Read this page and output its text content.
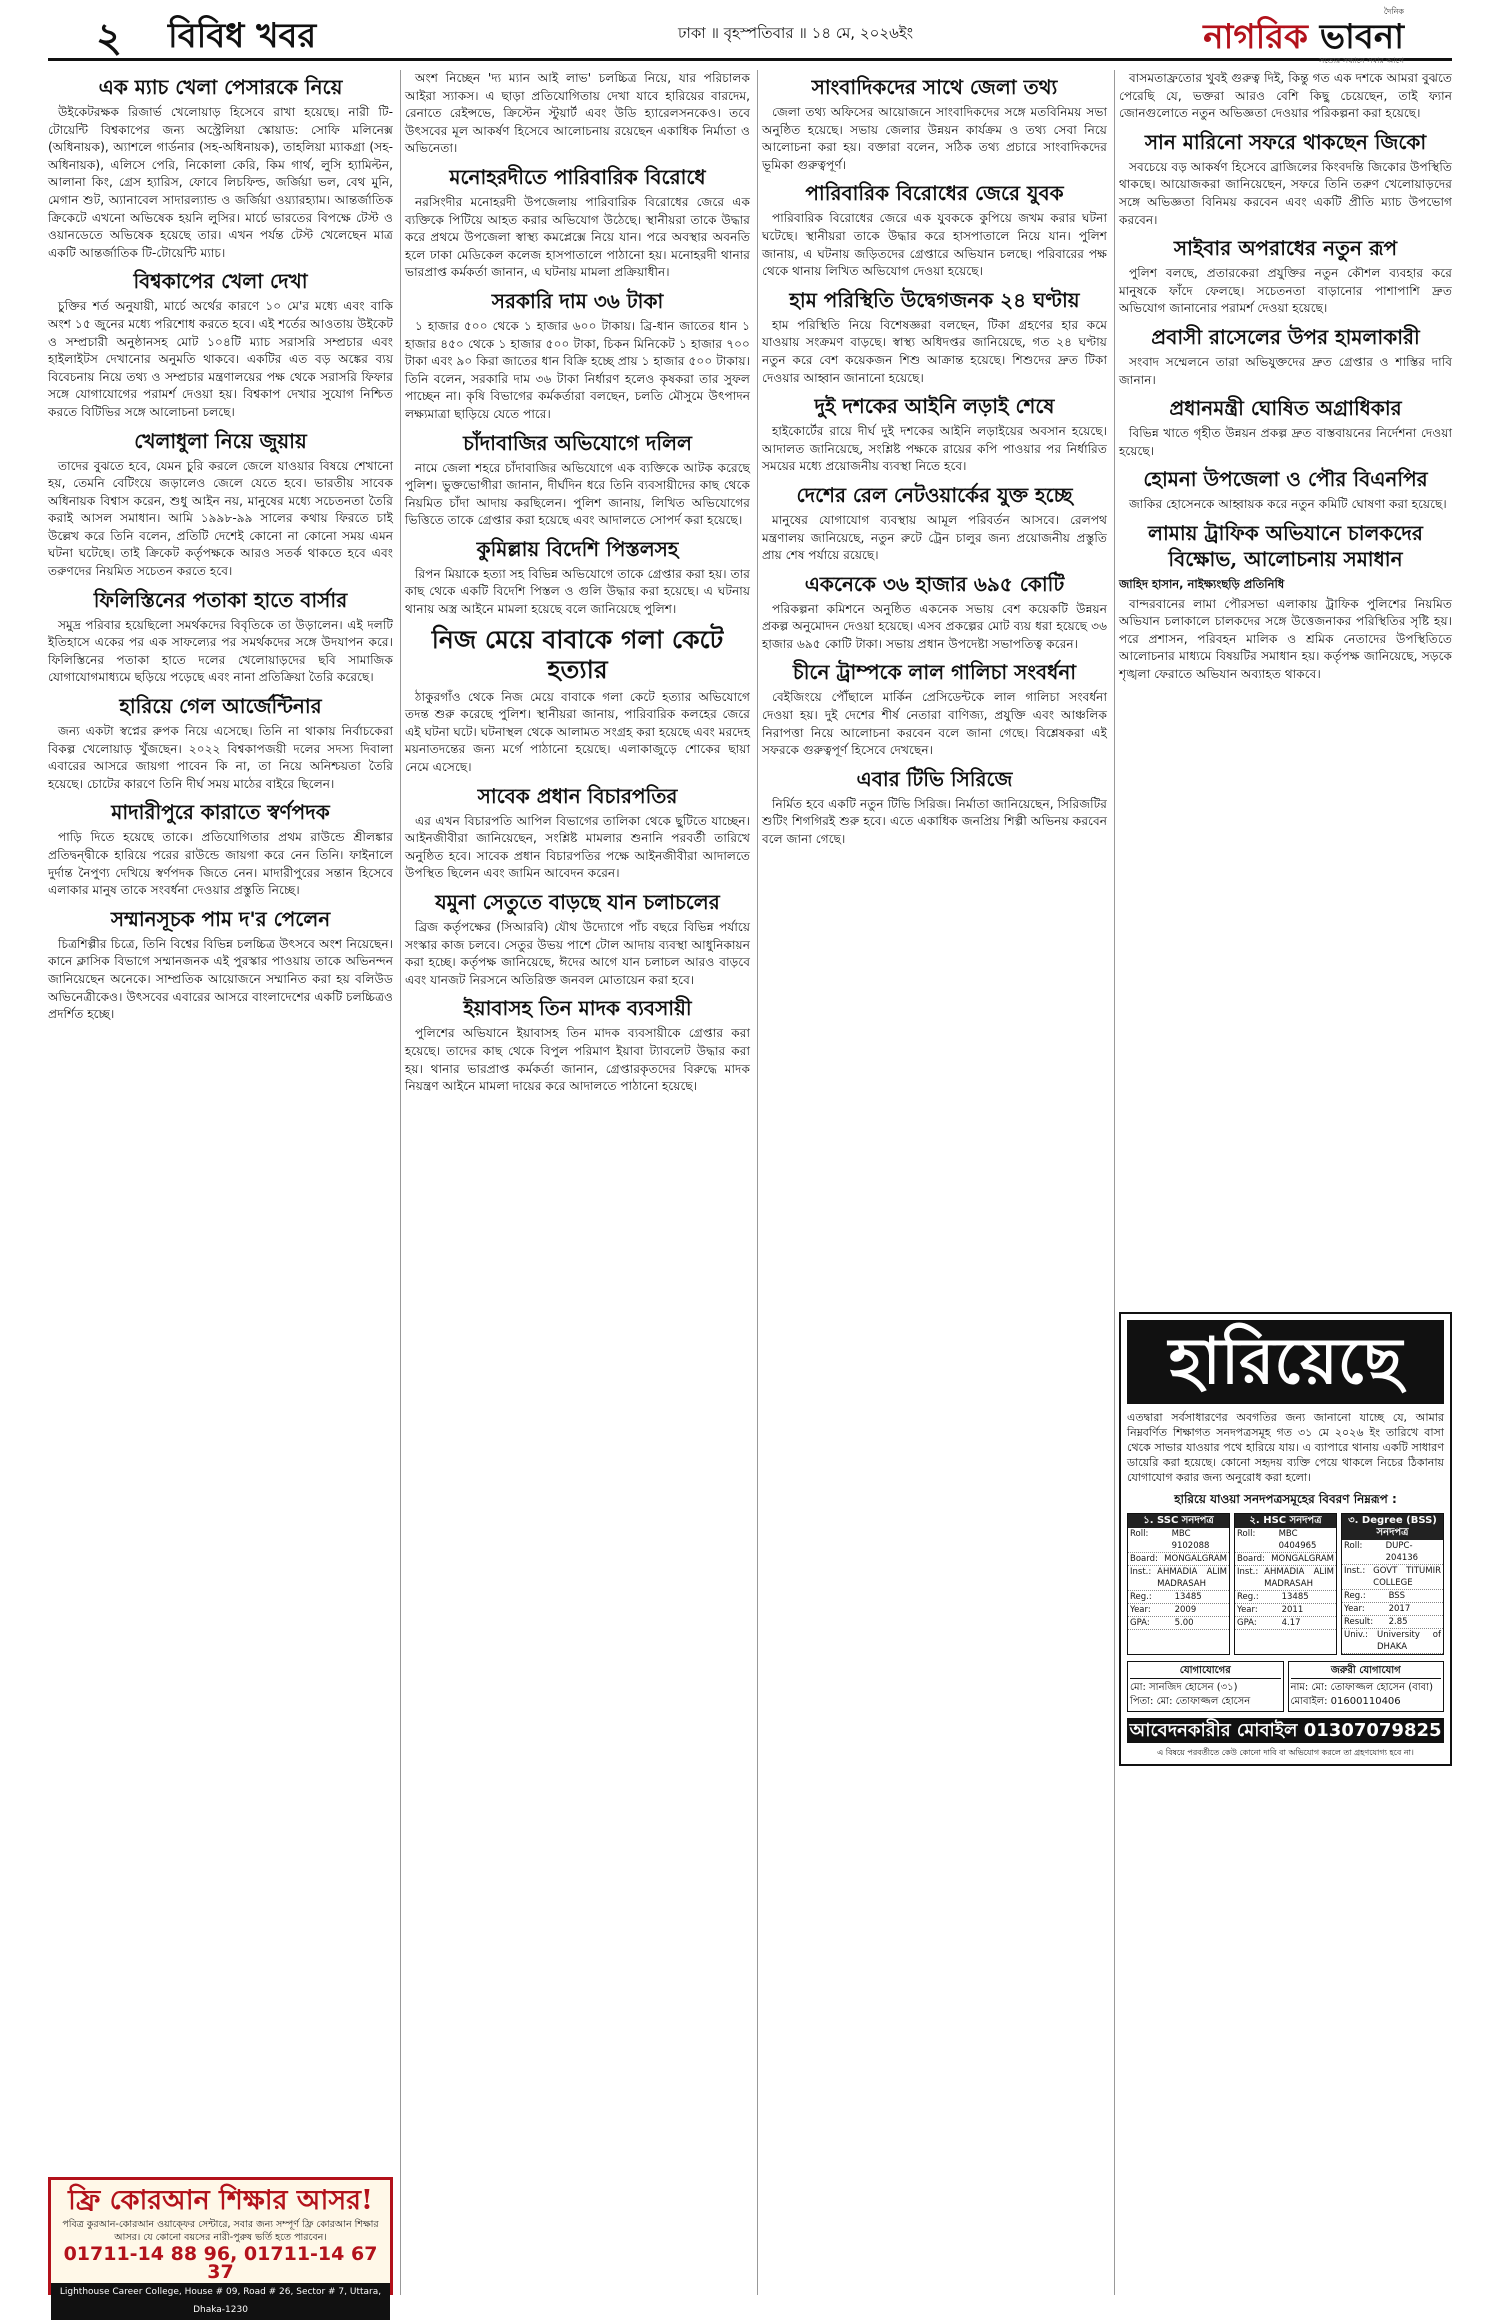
২ বিবিধ খবর	ঢাকা ॥ বৃহস্পতিবার ॥ ১৪ মে, ২০২৬ইং
দৈনিক
নাগরিক ভাবনা
সত্যের সন্ধানে সবার আগে
এক ম্যাচ খেলা পেসারকে নিয়ে

উইকেটরক্ষক রিজার্ভ খেলোয়াড় হিসেবে রাখা হয়েছে। নারী টি-টোয়েন্টি বিশ্বকাপের জন্য অস্ট্রেলিয়া স্কোয়াড: সোফি মলিনেক্স (অধিনায়ক), অ্যাশলে গার্ডনার (সহ-অধিনায়ক), তাহলিয়া ম্যাকগ্রা (সহ-অধিনায়ক), এলিসে পেরি, নিকোলা কেরি, কিম গার্থ, লুসি হ্যামিল্টন, আলানা কিং, গ্রেস হ্যারিস, ফোবে লিচফিল্ড, জর্জিয়া ভল, বেথ মুনি, মেগান শুট, অ্যানাবেল সাদারল্যান্ড ও জর্জিয়া ওয়্যারহ্যাম। আন্তর্জাতিক ক্রিকেটে এখনো অভিষেক হয়নি লুসির। মার্চে ভারতের বিপক্ষে টেস্ট ও ওয়ানডেতে অভিষেক হয়েছে তার। এখন পর্যন্ত টেস্ট খেলেছেন মাত্র একটি আন্তর্জাতিক টি-টোয়েন্টি ম্যাচ।

বিশ্বকাপের খেলা দেখা

চুক্তির শর্ত অনুযায়ী, মার্চে অর্থের কারণে ১০ মে'র মধ্যে এবং বাকি অংশ ১৫ জুনের মধ্যে পরিশোধ করতে হবে। এই শর্তের আওতায় উইকেট ও সম্প্রচারী অনুষ্ঠানসহ মোট ১০৪টি ম্যাচ সরাসরি সম্প্রচার এবং হাইলাইটস দেখানোর অনুমতি থাকবে। একটির এত বড় অঙ্কের ব্যয় বিবেচনায় নিয়ে তথ্য ও সম্প্রচার মন্ত্রণালয়ের পক্ষ থেকে সরাসরি ফিফার সঙ্গে যোগাযোগের পরামর্শ দেওয়া হয়। বিশ্বকাপ দেখার সুযোগ নিশ্চিত করতে বিটিভির সঙ্গে আলোচনা চলছে।

খেলাধুলা নিয়ে জুয়ায়

তাদের বুঝতে হবে, যেমন চুরি করলে জেলে যাওয়ার বিষয়ে শেখানো হয়, তেমনি বেটিংয়ে জড়ালেও জেলে যেতে হবে। ভারতীয় সাবেক অধিনায়ক বিশ্বাস করেন, শুধু আইন নয়, মানুষের মধ্যে সচেতনতা তৈরি করাই আসল সমাধান। আমি ১৯৯৮-৯৯ সালের কথায় ফিরতে চাই উল্লেখ করে তিনি বলেন, প্রতিটি দেশেই কোনো না কোনো সময় এমন ঘটনা ঘটেছে। তাই ক্রিকেট কর্তৃপক্ষকে আরও সতর্ক থাকতে হবে এবং তরুণদের নিয়মিত সচেতন করতে হবে।

ফিলিস্তিনের পতাকা হাতে বার্সার

সমুদ্র পরিবার হয়েছিলো সমর্থকদের বিবৃতিকে তা উড়ালেন। এই দলটি ইতিহাসে একের পর এক সাফল্যের পর সমর্থকদের সঙ্গে উদযাপন করে। ফিলিস্তিনের পতাকা হাতে দলের খেলোয়াড়দের ছবি সামাজিক যোগাযোগমাধ্যমে ছড়িয়ে পড়েছে এবং নানা প্রতিক্রিয়া তৈরি করেছে।

হারিয়ে গেল আর্জেন্টিনার

জন্য একটা স্বপ্নের রুপক নিয়ে এসেছে। তিনি না থাকায় নির্বাচকেরা বিকল্প খেলোয়াড় খুঁজছেন। ২০২২ বিশ্বকাপজয়ী দলের সদস্য দিবালা এবারের আসরে জায়গা পাবেন কি না, তা নিয়ে অনিশ্চয়তা তৈরি হয়েছে। চোটের কারণে তিনি দীর্ঘ সময় মাঠের বাইরে ছিলেন।

মাদারীপুরে কারাতে স্বর্ণপদক

পাড়ি দিতে হয়েছে তাকে। প্রতিযোগিতার প্রথম রাউন্ডে শ্রীলঙ্কার প্রতিদ্বন্দ্বীকে হারিয়ে পরের রাউন্ডে জায়গা করে নেন তিনি। ফাইনালে দুর্দান্ত নৈপুণ্য দেখিয়ে স্বর্ণপদক জিতে নেন। মাদারীপুরের সন্তান হিসেবে এলাকার মানুষ তাকে সংবর্ধনা দেওয়ার প্রস্তুতি নিচ্ছে।

সম্মানসূচক পাম দ'র পেলেন

চিত্রশিল্পীর চিত্রে, তিনি বিশ্বের বিভিন্ন চলচ্চিত্র উৎসবে অংশ নিয়েছেন। কানে ক্লাসিক বিভাগে সম্মানজনক এই পুরস্কার পাওয়ায় তাকে অভিনন্দন জানিয়েছেন অনেকে। সাম্প্রতিক আয়োজনে সম্মানিত করা হয় বলিউড অভিনেত্রীকেও। উৎসবের এবারের আসরে বাংলাদেশের একটি চলচ্চিত্রও প্রদর্শিত হচ্ছে।

ফ্রি কোরআন শিক্ষার আসর!
পবিত্র কুরআন-কোরআন ওয়াক্ফের সেন্টারে, সবার জন্য সম্পূর্ণ ফ্রি কোরআন শিক্ষার আসর। যে কোনো বয়সের নারী-পুরুষ ভর্তি হতে পারবেন।
01711-14 88 96, 01711-14 67 37
Lighthouse Career College, House # 09, Road # 26, Sector # 7, Uttara, Dhaka-1230

অংশ নিচ্ছেন 'দ্য ম্যান আই লাভ' চলচ্চিত্র নিয়ে, যার পরিচালক আইরা স্যাকস। এ ছাড়া প্রতিযোগিতায় দেখা যাবে হারিয়ের বারদেম, রেনাতে রেইন্সভে, ক্রিস্টেন স্টুয়ার্ট এবং উডি হ্যারেলসনকেও। তবে উৎসবের মূল আকর্ষণ হিসেবে আলোচনায় রয়েছেন একাধিক নির্মাতা ও অভিনেতা।

মনোহরদীতে পারিবারিক বিরোধে

নরসিংদীর মনোহরদী উপজেলায় পারিবারিক বিরোধের জেরে এক ব্যক্তিকে পিটিয়ে আহত করার অভিযোগ উঠেছে। স্থানীয়রা তাকে উদ্ধার করে প্রথমে উপজেলা স্বাস্থ্য কমপ্লেক্সে নিয়ে যান। পরে অবস্থার অবনতি হলে ঢাকা মেডিকেল কলেজ হাসপাতালে পাঠানো হয়। মনোহরদী থানার ভারপ্রাপ্ত কর্মকর্তা জানান, এ ঘটনায় মামলা প্রক্রিয়াধীন।

সরকারি দাম ৩৬ টাকা

১ হাজার ৫০০ থেকে ১ হাজার ৬০০ টাকায়। ব্রি-ধান জাতের ধান ১ হাজার ৪৫০ থেকে ১ হাজার ৫০০ টাকা, চিকন মিনিকেট ১ হাজার ৭০০ টাকা এবং ৯০ কিরা জাতের ধান বিক্রি হচ্ছে প্রায় ১ হাজার ৫০০ টাকায়। তিনি বলেন, সরকারি দাম ৩৬ টাকা নির্ধারণ হলেও কৃষকরা তার সুফল পাচ্ছেন না। কৃষি বিভাগের কর্মকর্তারা বলছেন, চলতি মৌসুমে উৎপাদন লক্ষ্যমাত্রা ছাড়িয়ে যেতে পারে।

চাঁদাবাজির অভিযোগে দলিল

নামে জেলা শহরে চাঁদাবাজির অভিযোগে এক ব্যক্তিকে আটক করেছে পুলিশ। ভুক্তভোগীরা জানান, দীর্ঘদিন ধরে তিনি ব্যবসায়ীদের কাছ থেকে নিয়মিত চাঁদা আদায় করছিলেন। পুলিশ জানায়, লিখিত অভিযোগের ভিত্তিতে তাকে গ্রেপ্তার করা হয়েছে এবং আদালতে সোপর্দ করা হয়েছে।

কুমিল্লায় বিদেশি পিস্তলসহ

রিপন মিয়াকে হত্যা সহ বিভিন্ন অভিযোগে তাকে গ্রেপ্তার করা হয়। তার কাছ থেকে একটি বিদেশি পিস্তল ও গুলি উদ্ধার করা হয়েছে। এ ঘটনায় থানায় অস্ত্র আইনে মামলা হয়েছে বলে জানিয়েছে পুলিশ।

নিজ মেয়ে বাবাকে গলা কেটে হত্যার

ঠাকুরগাঁও থেকে নিজ মেয়ে বাবাকে গলা কেটে হত্যার অভিযোগে তদন্ত শুরু করেছে পুলিশ। স্থানীয়রা জানায়, পারিবারিক কলহের জেরে এই ঘটনা ঘটে। ঘটনাস্থল থেকে আলামত সংগ্রহ করা হয়েছে এবং মরদেহ ময়নাতদন্তের জন্য মর্গে পাঠানো হয়েছে। এলাকাজুড়ে শোকের ছায়া নেমে এসেছে।

সাবেক প্রধান বিচারপতির

এর এখন বিচারপতি আপিল বিভাগের তালিকা থেকে ছুটিতে যাচ্ছেন। আইনজীবীরা জানিয়েছেন, সংশ্লিষ্ট মামলার শুনানি পরবর্তী তারিখে অনুষ্ঠিত হবে। সাবেক প্রধান বিচারপতির পক্ষে আইনজীবীরা আদালতে উপস্থিত ছিলেন এবং জামিন আবেদন করেন।

যমুনা সেতুতে বাড়ছে যান চলাচলের

ব্রিজ কর্তৃপক্ষের (সিআরবি) যৌথ উদ্যোগে পাঁচ বছরে বিভিন্ন পর্যায়ে সংস্কার কাজ চলবে। সেতুর উভয় পাশে টোল আদায় ব্যবস্থা আধুনিকায়ন করা হচ্ছে। কর্তৃপক্ষ জানিয়েছে, ঈদের আগে যান চলাচল আরও বাড়বে এবং যানজট নিরসনে অতিরিক্ত জনবল মোতায়েন করা হবে।

ইয়াবাসহ তিন মাদক ব্যবসায়ী

পুলিশের অভিযানে ইয়াবাসহ তিন মাদক ব্যবসায়ীকে গ্রেপ্তার করা হয়েছে। তাদের কাছ থেকে বিপুল পরিমাণ ইয়াবা ট্যাবলেট উদ্ধার করা হয়। থানার ভারপ্রাপ্ত কর্মকর্তা জানান, গ্রেপ্তারকৃতদের বিরুদ্ধে মাদক নিয়ন্ত্রণ আইনে মামলা দায়ের করে আদালতে পাঠানো হয়েছে।

সাংবাদিকদের সাথে জেলা তথ্য

জেলা তথ্য অফিসের আয়োজনে সাংবাদিকদের সঙ্গে মতবিনিময় সভা অনুষ্ঠিত হয়েছে। সভায় জেলার উন্নয়ন কার্যক্রম ও তথ্য সেবা নিয়ে আলোচনা করা হয়। বক্তারা বলেন, সঠিক তথ্য প্রচারে সাংবাদিকদের ভূমিকা গুরুত্বপূর্ণ।

পারিবারিক বিরোধের জেরে যুবক

পারিবারিক বিরোধের জেরে এক যুবককে কুপিয়ে জখম করার ঘটনা ঘটেছে। স্থানীয়রা তাকে উদ্ধার করে হাসপাতালে নিয়ে যান। পুলিশ জানায়, এ ঘটনায় জড়িতদের গ্রেপ্তারে অভিযান চলছে। পরিবারের পক্ষ থেকে থানায় লিখিত অভিযোগ দেওয়া হয়েছে।

হাম পরিস্থিতি উদ্বেগজনক ২৪ ঘণ্টায়

হাম পরিস্থিতি নিয়ে বিশেষজ্ঞরা বলছেন, টিকা গ্রহণের হার কমে যাওয়ায় সংক্রমণ বাড়ছে। স্বাস্থ্য অধিদপ্তর জানিয়েছে, গত ২৪ ঘণ্টায় নতুন করে বেশ কয়েকজন শিশু আক্রান্ত হয়েছে। শিশুদের দ্রুত টিকা দেওয়ার আহ্বান জানানো হয়েছে।

দুই দশকের আইনি লড়াই শেষে

হাইকোর্টের রায়ে দীর্ঘ দুই দশকের আইনি লড়াইয়ের অবসান হয়েছে। আদালত জানিয়েছে, সংশ্লিষ্ট পক্ষকে রায়ের কপি পাওয়ার পর নির্ধারিত সময়ের মধ্যে প্রয়োজনীয় ব্যবস্থা নিতে হবে।

দেশের রেল নেটওয়ার্কের যুক্ত হচ্ছে

মানুষের যোগাযোগ ব্যবস্থায় আমূল পরিবর্তন আসবে। রেলপথ মন্ত্রণালয় জানিয়েছে, নতুন রুটে ট্রেন চালুর জন্য প্রয়োজনীয় প্রস্তুতি প্রায় শেষ পর্যায়ে রয়েছে।

একনেকে ৩৬ হাজার ৬৯৫ কোটি

পরিকল্পনা কমিশনে অনুষ্ঠিত একনেক সভায় বেশ কয়েকটি উন্নয়ন প্রকল্প অনুমোদন দেওয়া হয়েছে। এসব প্রকল্পের মোট ব্যয় ধরা হয়েছে ৩৬ হাজার ৬৯৫ কোটি টাকা। সভায় প্রধান উপদেষ্টা সভাপতিত্ব করেন।

চীনে ট্রাম্পকে লাল গালিচা সংবর্ধনা

বেইজিংয়ে পৌঁছালে মার্কিন প্রেসিডেন্টকে লাল গালিচা সংবর্ধনা দেওয়া হয়। দুই দেশের শীর্ষ নেতারা বাণিজ্য, প্রযুক্তি এবং আঞ্চলিক নিরাপত্তা নিয়ে আলোচনা করবেন বলে জানা গেছে। বিশ্লেষকরা এই সফরকে গুরুত্বপূর্ণ হিসেবে দেখছেন।

এবার টিভি সিরিজে

নির্মিত হবে একটি নতুন টিভি সিরিজ। নির্মাতা জানিয়েছেন, সিরিজটির শুটিং শিগগিরই শুরু হবে। এতে একাধিক জনপ্রিয় শিল্পী অভিনয় করবেন বলে জানা গেছে।

বাসমতাফ্রতোর খুবই গুরুত্ব দিই, কিন্তু গত এক দশকে আমরা বুঝতে পেরেছি যে, ভক্তরা আরও বেশি কিছু চেয়েছেন, তাই ফ্যান জোনগুলোতে নতুন অভিজ্ঞতা দেওয়ার পরিকল্পনা করা হয়েছে।

সান মারিনো সফরে থাকছেন জিকো

সবচেয়ে বড় আকর্ষণ হিসেবে ব্রাজিলের কিংবদন্তি জিকোর উপস্থিতি থাকছে। আয়োজকরা জানিয়েছেন, সফরে তিনি তরুণ খেলোয়াড়দের সঙ্গে অভিজ্ঞতা বিনিময় করবেন এবং একটি প্রীতি ম্যাচ উপভোগ করবেন।

সাইবার অপরাধের নতুন রূপ

পুলিশ বলছে, প্রতারকেরা প্রযুক্তির নতুন কৌশল ব্যবহার করে মানুষকে ফাঁদে ফেলছে। সচেতনতা বাড়ানোর পাশাপাশি দ্রুত অভিযোগ জানানোর পরামর্শ দেওয়া হয়েছে।

প্রবাসী রাসেলের উপর হামলাকারী

সংবাদ সম্মেলনে তারা অভিযুক্তদের দ্রুত গ্রেপ্তার ও শাস্তির দাবি জানান।

প্রধানমন্ত্রী ঘোষিত অগ্রাধিকার

বিভিন্ন খাতে গৃহীত উন্নয়ন প্রকল্প দ্রুত বাস্তবায়নের নির্দেশনা দেওয়া হয়েছে।

হোমনা উপজেলা ও পৌর বিএনপির

জাকির হোসেনকে আহ্বায়ক করে নতুন কমিটি ঘোষণা করা হয়েছে।

লামায় ট্রাফিক অভিযানে চালকদের বিক্ষোভ, আলোচনায় সমাধান
জাহিদ হাসান, নাইক্ষ্যংছড়ি প্রতিনিধি

বান্দরবানের লামা পৌরসভা এলাকায় ট্রাফিক পুলিশের নিয়মিত অভিযান চলাকালে চালকদের সঙ্গে উত্তেজনাকর পরিস্থিতির সৃষ্টি হয়। পরে প্রশাসন, পরিবহন মালিক ও শ্রমিক নেতাদের উপস্থিতিতে আলোচনার মাধ্যমে বিষয়টির সমাধান হয়। কর্তৃপক্ষ জানিয়েছে, সড়কে শৃঙ্খলা ফেরাতে অভিযান অব্যাহত থাকবে।

হারিয়েছে

এতদ্বারা সর্বসাধারণের অবগতির জন্য জানানো যাচ্ছে যে, আমার নিম্নবর্ণিত শিক্ষাগত সনদপত্রসমূহ গত ৩১ মে ২০২৬ ইং তারিখে বাসা থেকে সাভার যাওয়ার পথে হারিয়ে যায়। এ ব্যাপারে থানায় একটি সাধারণ ডায়েরি করা হয়েছে। কোনো সহৃদয় ব্যক্তি পেয়ে থাকলে নিচের ঠিকানায় যোগাযোগ করার জন্য অনুরোধ করা হলো।

হারিয়ে যাওয়া সনদপত্রসমূহের বিবরণ নিম্নরূপ :
১. SSC সনদপত্র
Roll:	MBC 9102088
Board: MONGALGRAM
Inst.: AHMADIA ALIM MADRASAH
Reg.:	13485
Year:	2009
GPA:	5.00
২. HSC সনদপত্র
Roll:	MBC 0404965
Board: MONGALGRAM
Inst.: AHMADIA ALIM MADRASAH
Reg.:	13485
Year:	2011
GPA:	4.17
৩. Degree (BSS) সনদপত্র
Roll:	DUPC-204136
Inst.: GOVT TITUMIR COLLEGE
Reg.:	BSS
Year:	2017
Result:	2.85
Univ.:	University of DHAKA
যোগাযোগের
মো: সানজিদ হোসেন (৩১)
পিতা: মো: তোফাজ্জল হোসেন
জরুরী যোগাযোগ
নাম: মো: তোফাজ্জল হোসেন (বাবা)
মোবাইল: 01600110406
আবেদনকারীর মোবাইল 01307079825
এ বিষয়ে পরবর্তীতে কেউ কোনো দাবি বা অভিযোগ করলে তা গ্রহণযোগ্য হবে না।
